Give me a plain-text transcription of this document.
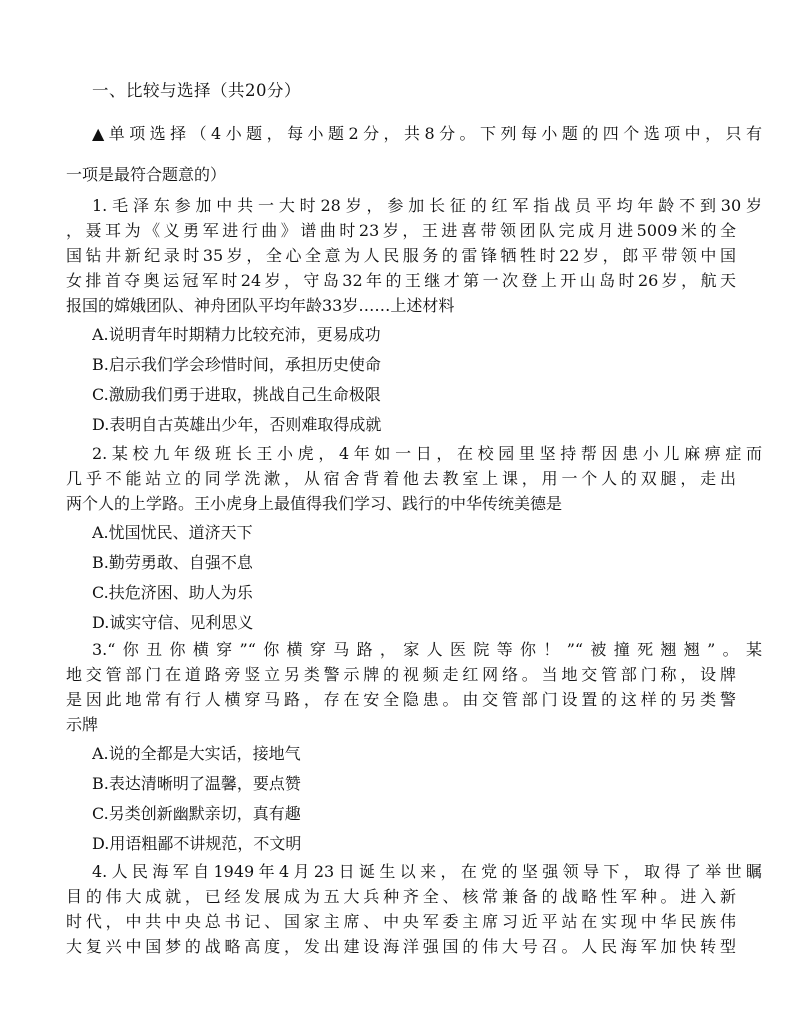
一、比较与选择（共20分）
▲单项选择（4小题，每小题2分，共8分。下列每小题的四个选项中，只有
一项是最符合题意的）
1.毛泽东参加中共一大时28岁，参加长征的红军指战员平均年龄不到30岁
，聂耳为《义勇军进行曲》谱曲时23岁，王进喜带领团队完成月进5009米的全
国钻井新纪录时35岁，全心全意为人民服务的雷锋牺牲时22岁，郎平带领中国
女排首夺奥运冠军时24岁，守岛32年的王继才第一次登上开山岛时26岁，航天
报国的嫦娥团队、神舟团队平均年龄33岁……上述材料
A.说明青年时期精力比较充沛，更易成功
B.启示我们学会珍惜时间，承担历史使命
C.激励我们勇于进取，挑战自己生命极限
D.表明自古英雄出少年，否则难取得成就
2.某校九年级班长王小虎，4年如一日，在校园里坚持帮因患小儿麻痹症而
几乎不能站立的同学洗漱，从宿舍背着他去教室上课，用一个人的双腿，走出
两个人的上学路。王小虎身上最值得我们学习、践行的中华传统美德是
A.忧国忧民、道济天下
B.勤劳勇敢、自强不息
C.扶危济困、助人为乐
D.诚实守信、见利思义
3.“你丑你横穿”“你横穿马路，家人医院等你！”“被撞死翘翘”。某
地交管部门在道路旁竖立另类警示牌的视频走红网络。当地交管部门称，设牌
是因此地常有行人横穿马路，存在安全隐患。由交管部门设置的这样的另类警
示牌
A.说的全都是大实话，接地气
B.表达清晰明了温馨，要点赞
C.另类创新幽默亲切，真有趣
D.用语粗鄙不讲规范，不文明
4.人民海军自1949年4月23日诞生以来，在党的坚强领导下，取得了举世瞩
目的伟大成就，已经发展成为五大兵种齐全、核常兼备的战略性军种。进入新
时代，中共中央总书记、国家主席、中央军委主席习近平站在实现中华民族伟
大复兴中国梦的战略高度，发出建设海洋强国的伟大号召。人民海军加快转型
